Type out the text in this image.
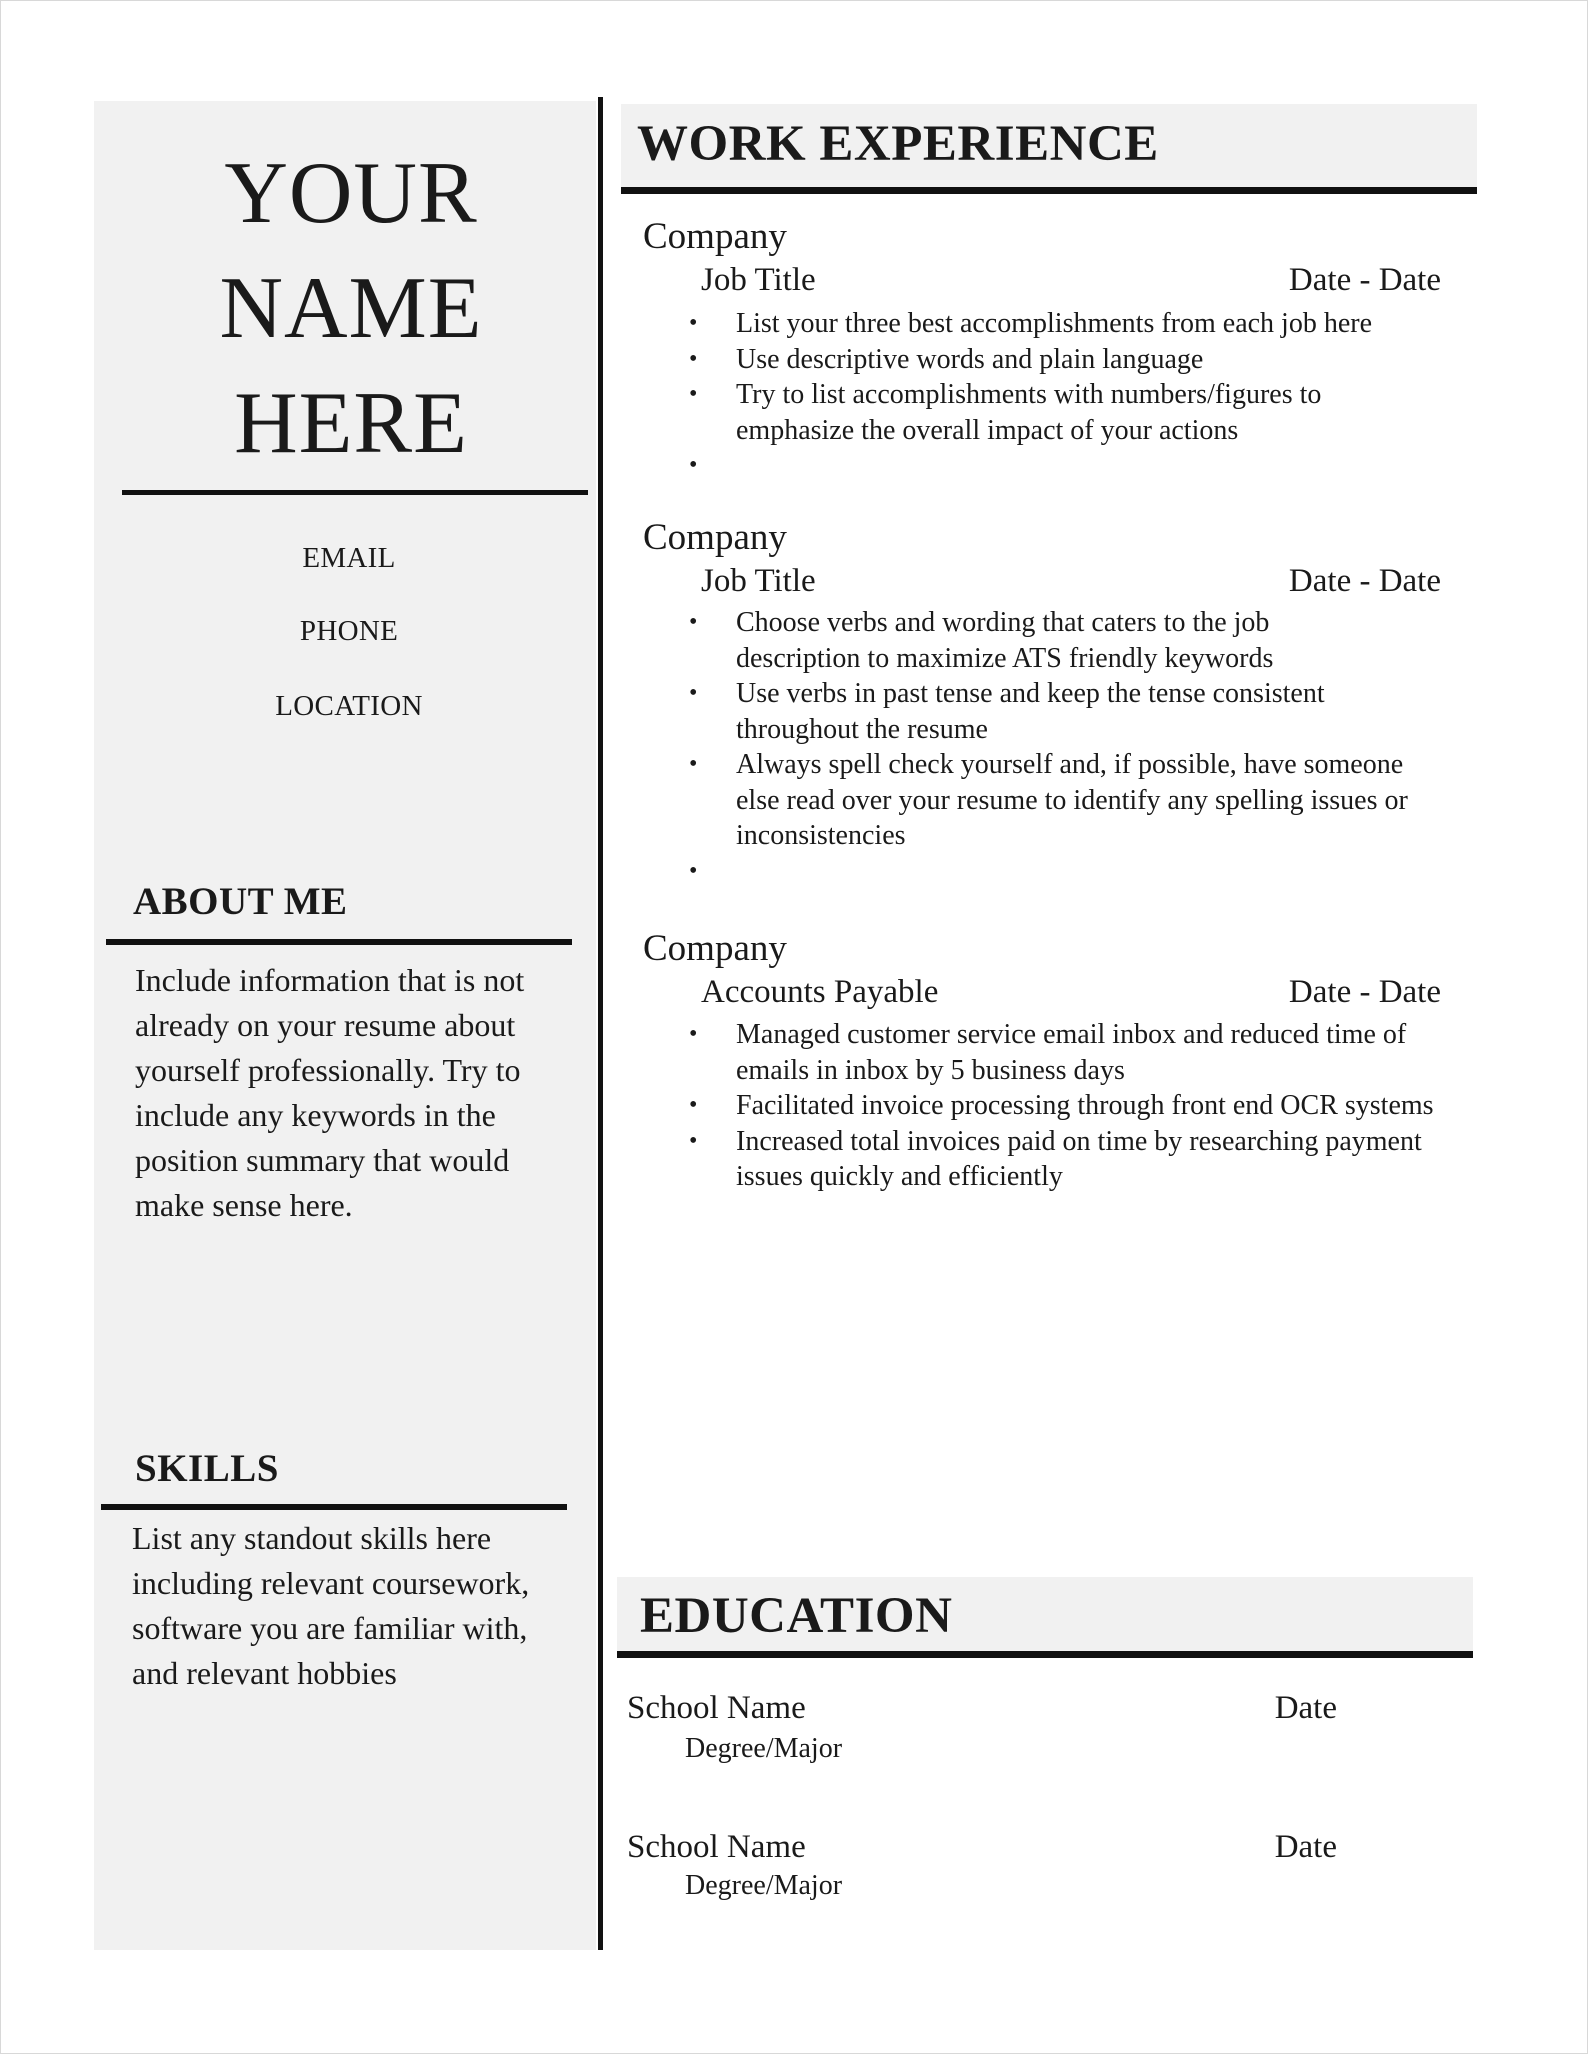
YOUR
NAME
HERE
EMAIL
PHONE
LOCATION
ABOUT ME
Include information that is not already on your resume about yourself professionally. Try to include any keywords in the position summary that would make sense here.
SKILLS
List any standout skills here including relevant coursework, software you are familiar with, and relevant hobbies
WORK EXPERIENCE
Company
Job Title	Date - Date
• List your three best accomplishments from each job here
• Use descriptive words and plain language
• Try to list accomplishments with numbers/figures to emphasize the overall impact of your actions
•
Company
Job Title	Date - Date
• Choose verbs and wording that caters to the job description to maximize ATS friendly keywords
• Use verbs in past tense and keep the tense consistent throughout the resume
• Always spell check yourself and, if possible, have someone else read over your resume to identify any spelling issues or inconsistencies
•
Company
Accounts Payable	Date - Date
• Managed customer service email inbox and reduced time of emails in inbox by 5 business days
• Facilitated invoice processing through front end OCR systems
• Increased total invoices paid on time by researching payment issues quickly and efficiently
EDUCATION
School Name	Date
Degree/Major
School Name	Date
Degree/Major
